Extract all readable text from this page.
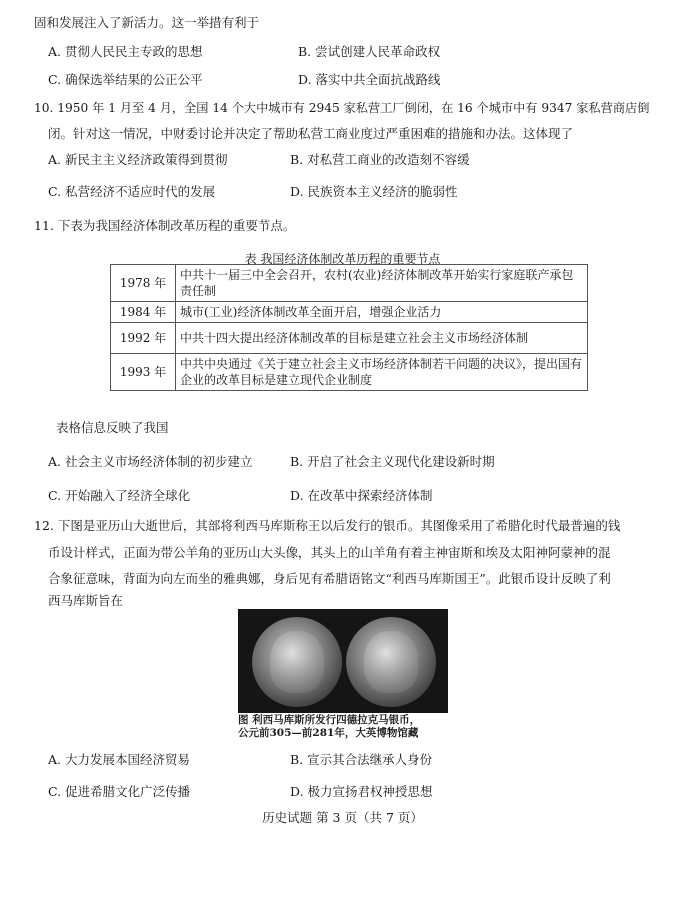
固和发展注入了新活力。这一举措有利于
A. 贯彻人民民主专政的思想	B. 尝试创建人民革命政权
C. 确保选举结果的公正公平	D. 落实中共全面抗战路线
10. 1950 年 1 月至 4 月，全国 14 个大中城市有 2945 家私营工厂倒闭，在 16 个城市中有 9347 家私营商店倒
闭。针对这一情况，中财委讨论并决定了帮助私营工商业度过严重困难的措施和办法。这体现了
A. 新民主主义经济政策得到贯彻	B. 对私营工商业的改造刻不容缓
C. 私营经济不适应时代的发展	D. 民族资本主义经济的脆弱性
11. 下表为我国经济体制改革历程的重要节点。
表 我国经济体制改革历程的重要节点
1978 年	中共十一届三中全会召开，农村(农业)经济体制改革开始实行家庭联产承包责任制
1984 年	城市(工业)经济体制改革全面开启，增强企业活力
1992 年	中共十四大提出经济体制改革的目标是建立社会主义市场经济体制
1993 年	中共中央通过《关于建立社会主义市场经济体制若干问题的决议》，提出国有企业的改革目标是建立现代企业制度
表格信息反映了我国
A. 社会主义市场经济体制的初步建立	B. 开启了社会主义现代化建设新时期
C. 开始融入了经济全球化	D. 在改革中探索经济体制
12. 下图是亚历山大逝世后，其部将利西马库斯称王以后发行的银币。其图像采用了希腊化时代最普遍的钱
币设计样式，正面为带公羊角的亚历山大头像，其头上的山羊角有着主神宙斯和埃及太阳神阿蒙神的混
合象征意味，背面为向左而坐的雅典娜，身后见有希腊语铭文“利西马库斯国王”。此银币设计反映了利
西马库斯旨在
图 利西马库斯所发行四德拉克马银币，
公元前305—前281年，大英博物馆藏
A. 大力发展本国经济贸易	B. 宣示其合法继承人身份
C. 促进希腊文化广泛传播	D. 极力宣扬君权神授思想
历史试题 第 3 页（共 7 页）
